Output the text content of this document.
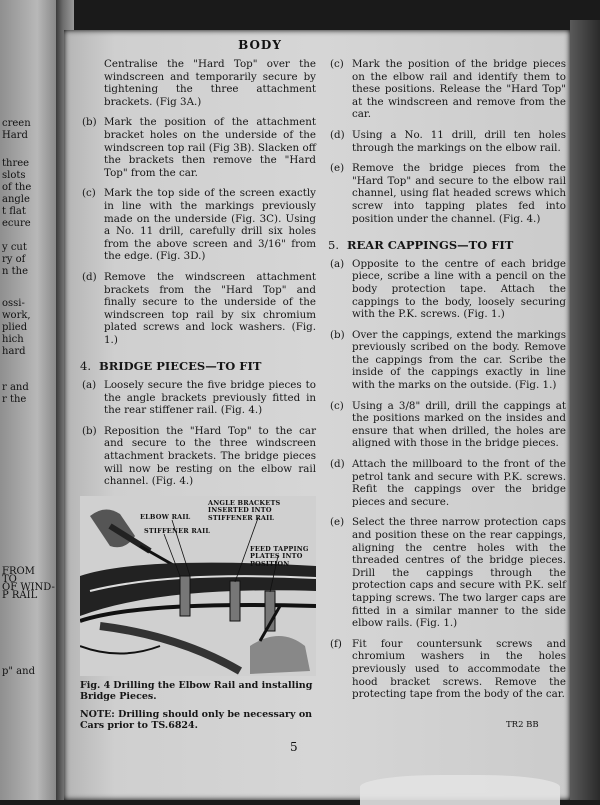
creen
Hard
three
slots
of the
angle
t flat
ecure
y cut
ry of
n the
ossi-
work,
plied
hich
hard
r and
r the
FROM
TO
OF WIND-
P RAIL
p" and
BODY
Centralise the "Hard Top" over the windscreen and temporarily secure by tightening the three attachment brackets. (Fig 3A.)
(b) Mark the position of the attachment bracket holes on the underside of the windscreen top rail (Fig 3B). Slacken off the brackets then remove the "Hard Top" from the car.
(c) Mark the top side of the screen exactly in line with the markings previously made on the underside (Fig. 3C). Using a No. 11 drill, carefully drill six holes from the above screen and 3/16" from the edge. (Fig. 3D.)
(d) Remove the windscreen attachment brackets from the "Hard Top" and finally secure to the underside of the windscreen top rail by six chromium plated screws and lock washers. (Fig. 1.)
4. BRIDGE PIECES—TO FIT
(a) Loosely secure the five bridge pieces to the angle brackets previously fitted in the rear stiffener rail. (Fig. 4.)
(b) Reposition the "Hard Top" to the car and secure to the three windscreen attachment brackets. The bridge pieces will now be resting on the elbow rail channel. (Fig. 4.)
ANGLE BRACKETS INSERTED INTO STIFFENER RAIL
ELBOW RAIL
STIFFENER RAIL
FEED TAPPING PLATES INTO POSITION
Fig. 4 Drilling the Elbow Rail and installing Bridge Pieces.
NOTE: Drilling should only be necessary on Cars prior to TS.6824.
(c) Mark the position of the bridge pieces on the elbow rail and identify them to these positions. Release the "Hard Top" at the windscreen and remove from the car.
(d) Using a No. 11 drill, drill ten holes through the markings on the elbow rail.
(e) Remove the bridge pieces from the "Hard Top" and secure to the elbow rail channel, using flat headed screws which screw into tapping plates fed into position under the channel. (Fig. 4.)
5. REAR CAPPINGS—TO FIT
(a) Opposite to the centre of each bridge piece, scribe a line with a pencil on the body protection tape. Attach the cappings to the body, loosely securing with the P.K. screws. (Fig. 1.)
(b) Over the cappings, extend the markings previously scribed on the body. Remove the cappings from the car. Scribe the inside of the cappings exactly in line with the marks on the outside. (Fig. 1.)
(c) Using a 3/8" drill, drill the cappings at the positions marked on the insides and ensure that when drilled, the holes are aligned with those in the bridge pieces.
(d) Attach the millboard to the front of the petrol tank and secure with P.K. screws. Refit the cappings over the bridge pieces and secure.
(e) Select the three narrow protection caps and position these on the rear cappings, aligning the centre holes with the threaded centres of the bridge pieces. Drill the cappings through the protection caps and secure with P.K. self tapping screws. The two larger caps are fitted in a similar manner to the side elbow rails. (Fig. 1.)
(f) Fit four countersunk screws and chromium washers in the holes previously used to accommodate the hood bracket screws. Remove the protecting tape from the body of the car.
5
TR2 BB
